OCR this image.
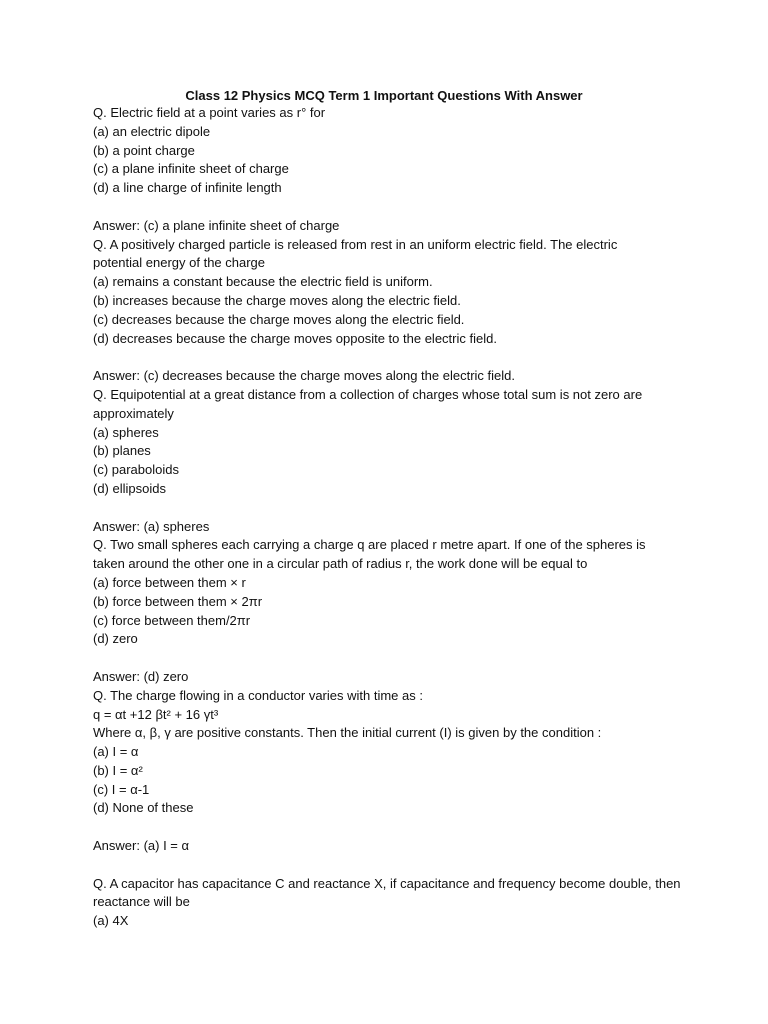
Class 12 Physics MCQ Term 1 Important Questions With Answer
Q. Electric field at a point varies as r° for
(a) an electric dipole
(b) a point charge
(c) a plane infinite sheet of charge
(d) a line charge of infinite length
Answer: (c) a plane infinite sheet of charge
Q. A positively charged particle is released from rest in an uniform electric field. The electric
potential energy of the charge
(a) remains a constant because the electric field is uniform.
(b) increases because the charge moves along the electric field.
(c) decreases because the charge moves along the electric field.
(d) decreases because the charge moves opposite to the electric field.
Answer: (c) decreases because the charge moves along the electric field.
Q. Equipotential at a great distance from a collection of charges whose total sum is not zero are
approximately
(a) spheres
(b) planes
(c) paraboloids
(d) ellipsoids
Answer: (a) spheres
Q. Two small spheres each carrying a charge q are placed r metre apart. If one of the spheres is
taken around the other one in a circular path of radius r, the work done will be equal to
(a) force between them × r
(b) force between them × 2πr
(c) force between them/2πr
(d) zero
Answer: (d) zero
Q. The charge flowing in a conductor varies with time as :
q = αt +12 βt² + 16 γt³
Where α, β, γ are positive constants. Then the initial current (I) is given by the condition :
(a) I = α
(b) I = α²
(c) I = α-1
(d) None of these
Answer: (a) I = α
Q. A capacitor has capacitance C and reactance X, if capacitance and frequency become double, then
reactance will be
(a) 4X
